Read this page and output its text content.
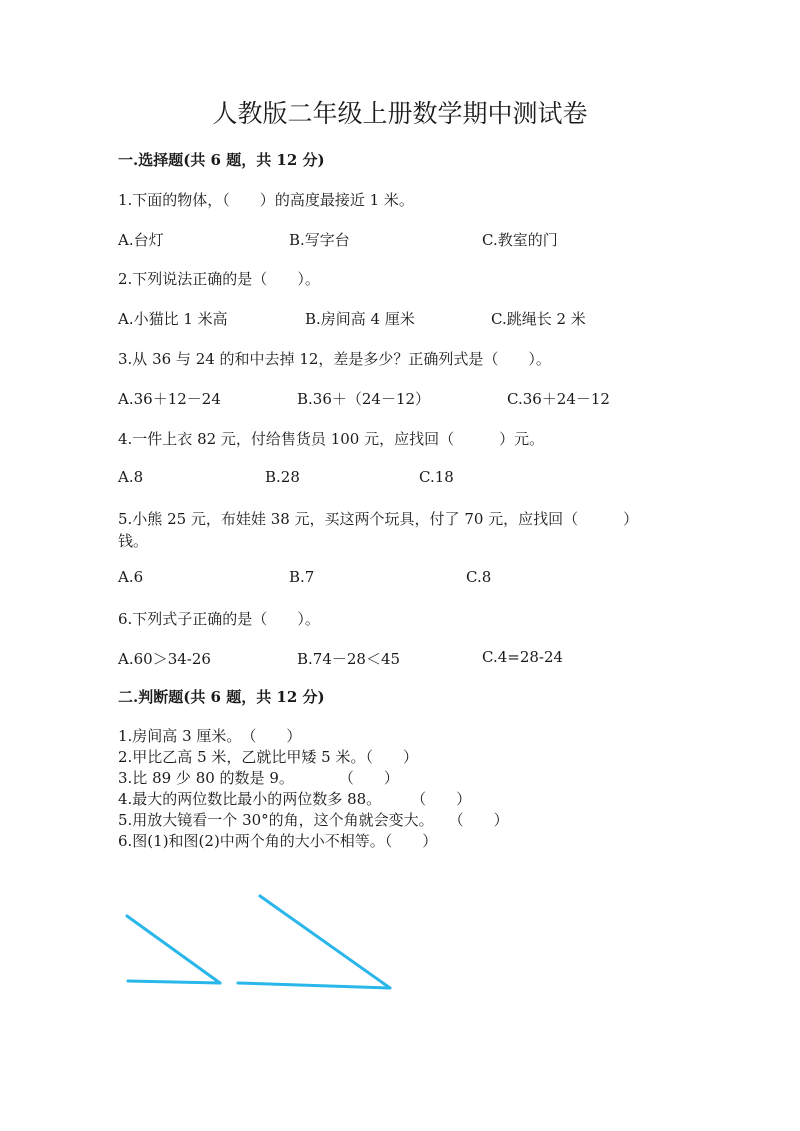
人教版二年级上册数学期中测试卷
一.选择题(共 6 题，共 12 分)
1.下面的物体，（　　）的高度最接近 1 米。
A.台灯	B.写字台	C.教室的门
2.下列说法正确的是（　　）。
A.小猫比 1 米高	B.房间高 4 厘米	C.跳绳长 2 米
3.从 36 与 24 的和中去掉 12，差是多少？正确列式是（　　）。
A.36＋12－24	B.36＋（24－12）	C.36＋24－12
4.一件上衣 82 元，付给售货员 100 元，应找回（　　　）元。
A.8	B.28	C.18
5.小熊 25 元，布娃娃 38 元，买这两个玩具，付了 70 元，应找回（　　　）
钱。
A.6	B.7	C.8
6.下列式子正确的是（　　）。
A.60＞34-26	B.74－28＜45	C.4=28-24
二.判断题(共 6 题，共 12 分)
1.房间高 3 厘米。　（　　）
2.甲比乙高 5 米，乙就比甲矮 5 米。（　　）
3.比 89 少 80 的数是 9。　　　　（　　）
4.最大的两位数比最小的两位数多 88。　　　（　　）
5.用放大镜看一个 30°的角，这个角就会变大。　　（　　）
6.图(1)和图(2)中两个角的大小不相等。（　　）
